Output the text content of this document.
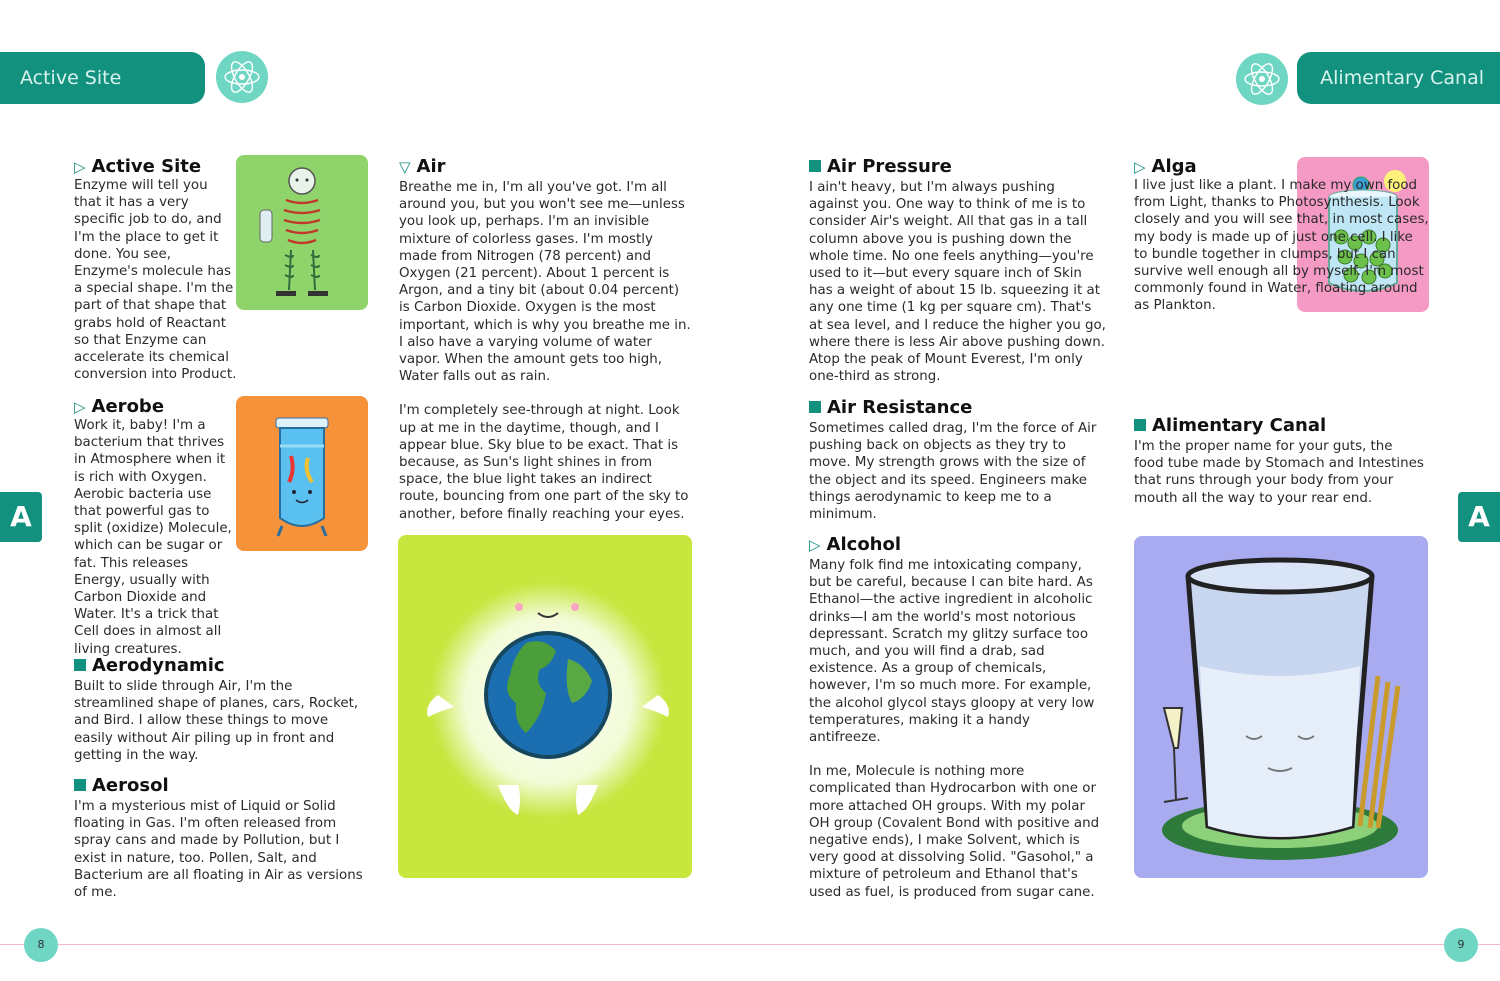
Active Site	Alimentary Canal
A	A
▷ Active Site
Enzyme will tell you that it has a very specific job to do, and I'm the place to get it done. You see, Enzyme's molecule has a special shape. I'm the part of that shape that grabs hold of Reactant so that Enzyme can accelerate its chemical conversion into Product.
▷ Aerobe
Work it, baby! I'm a bacterium that thrives in Atmosphere when it is rich with Oxygen. Aerobic bacteria use that powerful gas to split (oxidize) Molecule, which can be sugar or fat. This releases Energy, usually with Carbon Dioxide and Water. It's a trick that Cell does in almost all living creatures.
Aerodynamic
Built to slide through Air, I'm the streamlined shape of planes, cars, Rocket, and Bird. I allow these things to move easily without Air piling up in front and getting in the way.
Aerosol
I'm a mysterious mist of Liquid or Solid floating in Gas. I'm often released from spray cans and made by Pollution, but I exist in nature, too. Pollen, Salt, and Bacterium are all floating in Air as versions of me.
▽ Air

Breathe me in, I'm all you've got. I'm all around you, but you won't see me—unless you look up, perhaps. I'm an invisible mixture of colorless gases. I'm mostly made from Nitrogen (78 percent) and Oxygen (21 percent). About 1 percent is Argon, and a tiny bit (about 0.04 percent) is Carbon Dioxide. Oxygen is the most important, which is why you breathe me in. I also have a varying volume of water vapor. When the amount gets too high, Water falls out as rain.

I'm completely see-through at night. Look up at me in the daytime, though, and I appear blue. Sky blue to be exact. That is because, as Sun's light shines in from space, the blue light takes an indirect route, bouncing from one part of the sky to another, before finally reaching your eyes.

Air Pressure
I ain't heavy, but I'm always pushing against you. One way to think of me is to consider Air's weight. All that gas in a tall column above you is pushing down the whole time. No one feels anything—you're used to it—but every square inch of Skin has a weight of about 15 lb. squeezing it at any one time (1 kg per square cm). That's at sea level, and I reduce the higher you go, where there is less Air above pushing down. Atop the peak of Mount Everest, I'm only one-third as strong.
Air Resistance
Sometimes called drag, I'm the force of Air pushing back on objects as they try to move. My strength grows with the size of the object and its speed. Engineers make things aerodynamic to keep me to a minimum.
▷ Alcohol

Many folk find me intoxicating company, but be careful, because I can bite hard. As Ethanol—the active ingredient in alcoholic drinks—I am the world's most notorious depressant. Scratch my glitzy surface too much, and you will find a drab, sad existence. As a group of chemicals, however, I'm so much more. For example, the alcohol glycol stays gloopy at very low temperatures, making it a handy antifreeze.

In me, Molecule is nothing more complicated than Hydrocarbon with one or more attached OH groups. With my polar OH group (Covalent Bond with positive and negative ends), I make Solvent, which is very good at dissolving Solid. "Gasohol," a mixture of petroleum and Ethanol that's used as fuel, is produced from sugar cane.

▷ Alga
I live just like a plant. I make my own food from Light, thanks to Photosynthesis. Look closely and you will see that, in most cases, my body is made up of just one cell. I like to bundle together in clumps, but I can survive well enough all by myself. I'm most commonly found in Water, floating around as Plankton.
Alimentary Canal
I'm the proper name for your guts, the food tube made by Stomach and Intestines that runs through your body from your mouth all the way to your rear end.
8	9
